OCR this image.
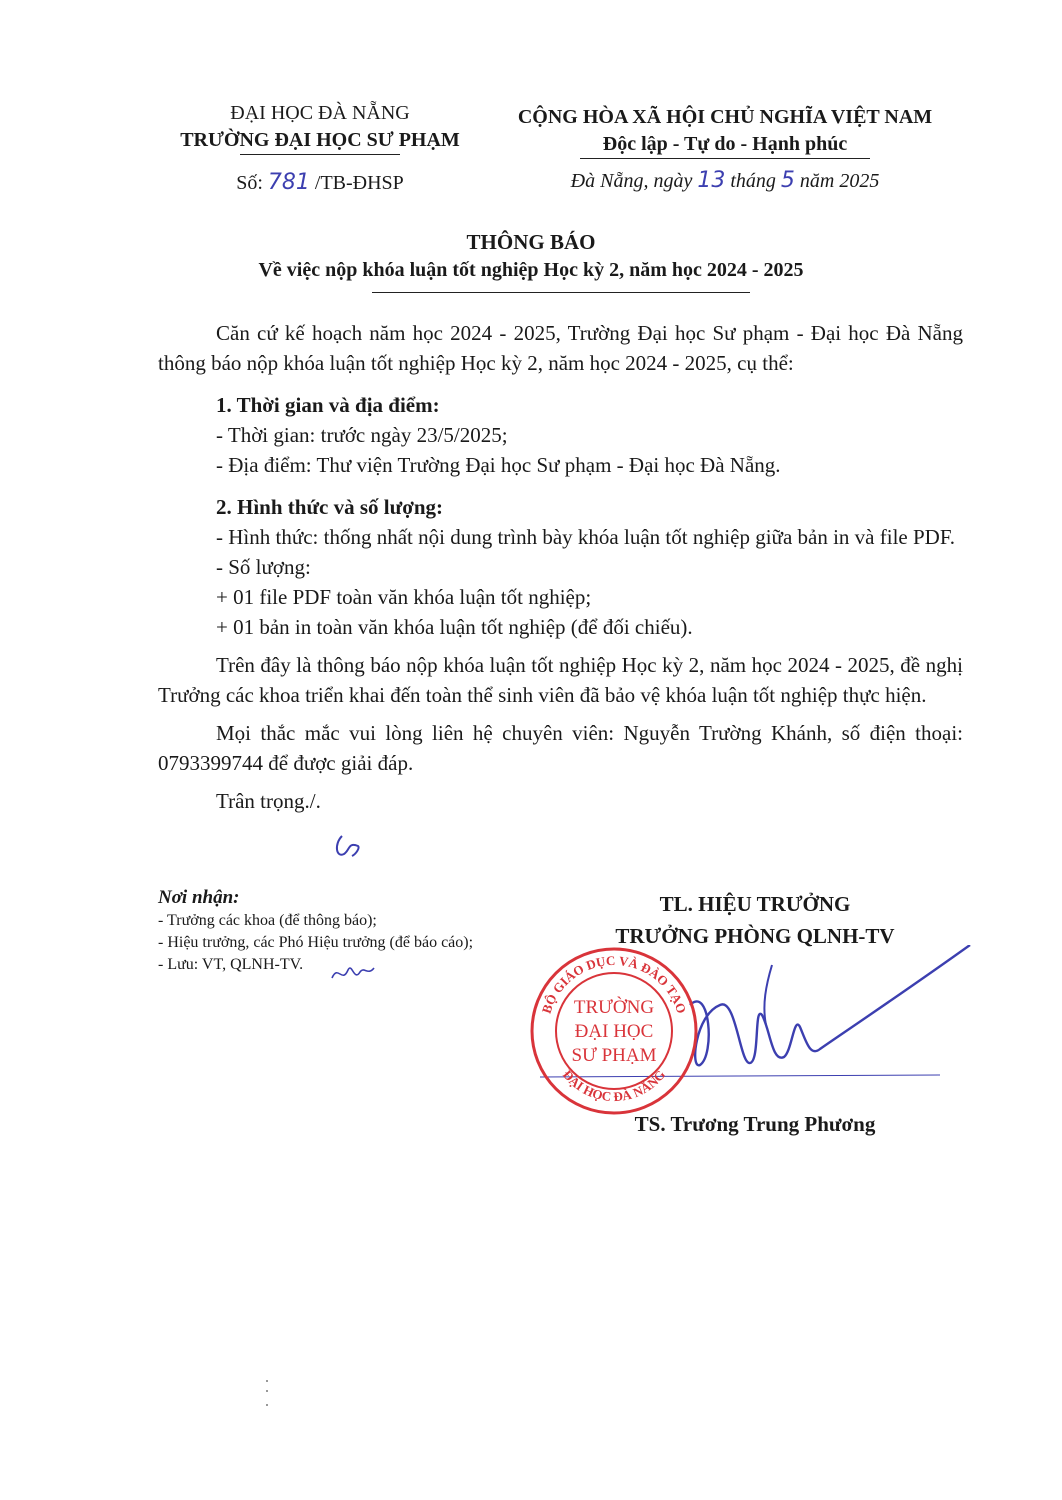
ĐẠI HỌC ĐÀ NẴNG
TRƯỜNG ĐẠI HỌC SƯ PHẠM
Số: 781 /TB-ĐHSP
CỘNG HÒA XÃ HỘI CHỦ NGHĨA VIỆT NAM
Độc lập - Tự do - Hạnh phúc
Đà Nẵng, ngày 13 tháng 5 năm 2025
THÔNG BÁO
Về việc nộp khóa luận tốt nghiệp Học kỳ 2, năm học 2024 - 2025

Căn cứ kế hoạch năm học 2024 - 2025, Trường Đại học Sư phạm - Đại học Đà Nẵng thông báo nộp khóa luận tốt nghiệp Học kỳ 2, năm học 2024 - 2025, cụ thể:

1. Thời gian và địa điểm:

- Thời gian: trước ngày 23/5/2025;

- Địa điểm: Thư viện Trường Đại học Sư phạm - Đại học Đà Nẵng.

2. Hình thức và số lượng:

- Hình thức: thống nhất nội dung trình bày khóa luận tốt nghiệp giữa bản in và file PDF.

- Số lượng:

+ 01 file PDF toàn văn khóa luận tốt nghiệp;

+ 01 bản in toàn văn khóa luận tốt nghiệp (để đối chiếu).

Trên đây là thông báo nộp khóa luận tốt nghiệp Học kỳ 2, năm học 2024 - 2025, đề nghị Trưởng các khoa triển khai đến toàn thể sinh viên đã bảo vệ khóa luận tốt nghiệp thực hiện.

Mọi thắc mắc vui lòng liên hệ chuyên viên: Nguyễn Trường Khánh, số điện thoại: 0793399744 để được giải đáp.

Trân trọng./.

Nơi nhận:
- Trưởng các khoa (để thông báo);
- Hiệu trưởng, các Phó Hiệu trưởng (để báo cáo);
- Lưu: VT, QLNH-TV.
TL. HIỆU TRƯỞNG
TRƯỞNG PHÒNG QLNH-TV
BỘ GIÁO DỤC VÀ ĐÀO TẠO
ĐẠI HỌC ĐÀ NẴNG
TRƯỜNG
ĐẠI HỌC
SƯ PHẠM
TS. Trương Trung Phương
